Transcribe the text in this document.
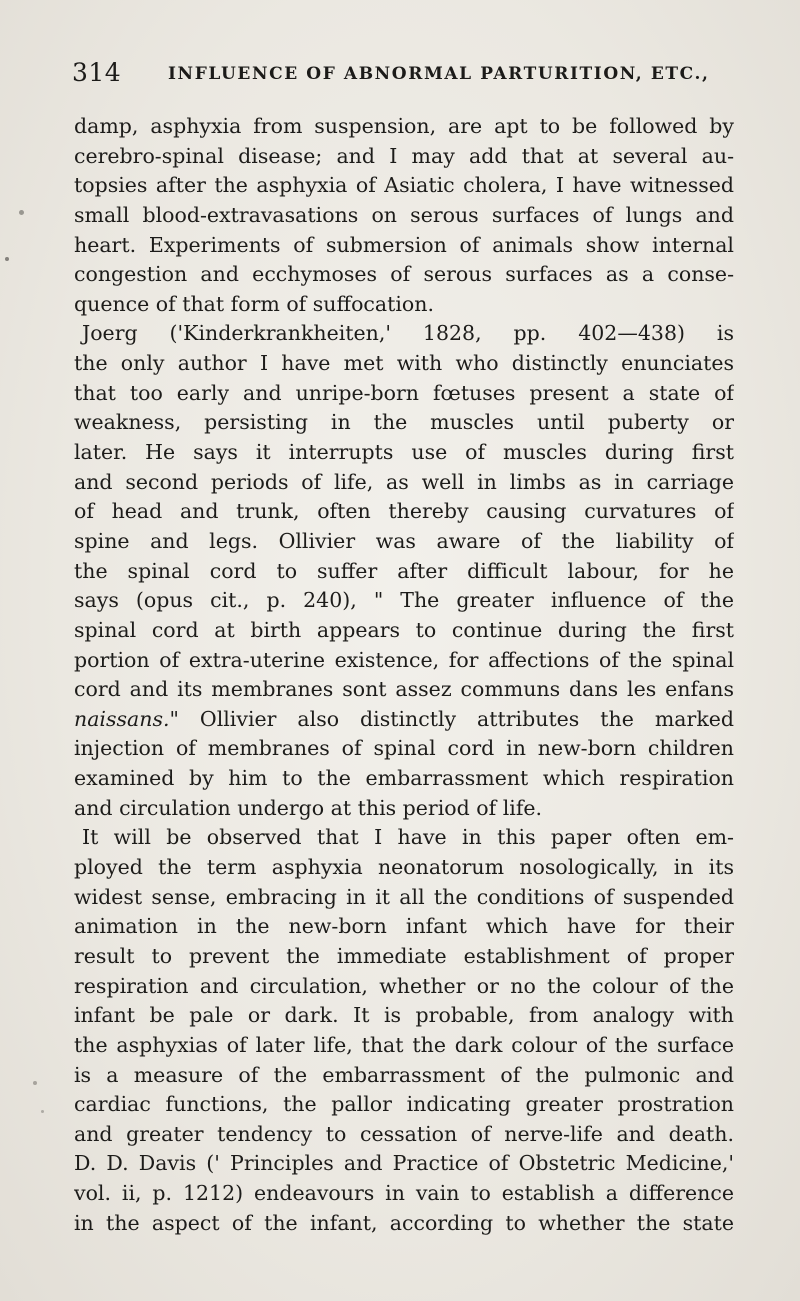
314	INFLUENCE OF ABNORMAL PARTURITION, ETC.,
damp, asphyxia from suspension, are apt to be followed by
cerebro-spinal disease; and I may add that at several au-
topsies after the asphyxia of Asiatic cholera, I have witnessed
small blood-extravasations on serous surfaces of lungs and
heart. Experiments of submersion of animals show internal
congestion and ecchymoses of serous surfaces as a conse-
quence of that form of suffocation.
Joerg ('Kinderkrankheiten,' 1828, pp. 402—438) is
the only author I have met with who distinctly enunciates
that too early and unripe-born fœtuses present a state of
weakness, persisting in the muscles until puberty or
later. He says it interrupts use of muscles during first
and second periods of life, as well in limbs as in carriage
of head and trunk, often thereby causing curvatures of
spine and legs. Ollivier was aware of the liability of
the spinal cord to suffer after difficult labour, for he
says (opus cit., p. 240), " The greater influence of the
spinal cord at birth appears to continue during the first
portion of extra-uterine existence, for affections of the spinal
cord and its membranes sont assez communs dans les enfans
naissans." Ollivier also distinctly attributes the marked
injection of membranes of spinal cord in new-born children
examined by him to the embarrassment which respiration
and circulation undergo at this period of life.
It will be observed that I have in this paper often em-
ployed the term asphyxia neonatorum nosologically, in its
widest sense, embracing in it all the conditions of suspended
animation in the new-born infant which have for their
result to prevent the immediate establishment of proper
respiration and circulation, whether or no the colour of the
infant be pale or dark. It is probable, from analogy with
the asphyxias of later life, that the dark colour of the surface
is a measure of the embarrassment of the pulmonic and
cardiac functions, the pallor indicating greater prostration
and greater tendency to cessation of nerve-life and death.
D. D. Davis (' Principles and Practice of Obstetric Medicine,'
vol. ii, p. 1212) endeavours in vain to establish a difference
in the aspect of the infant, according to whether the state
